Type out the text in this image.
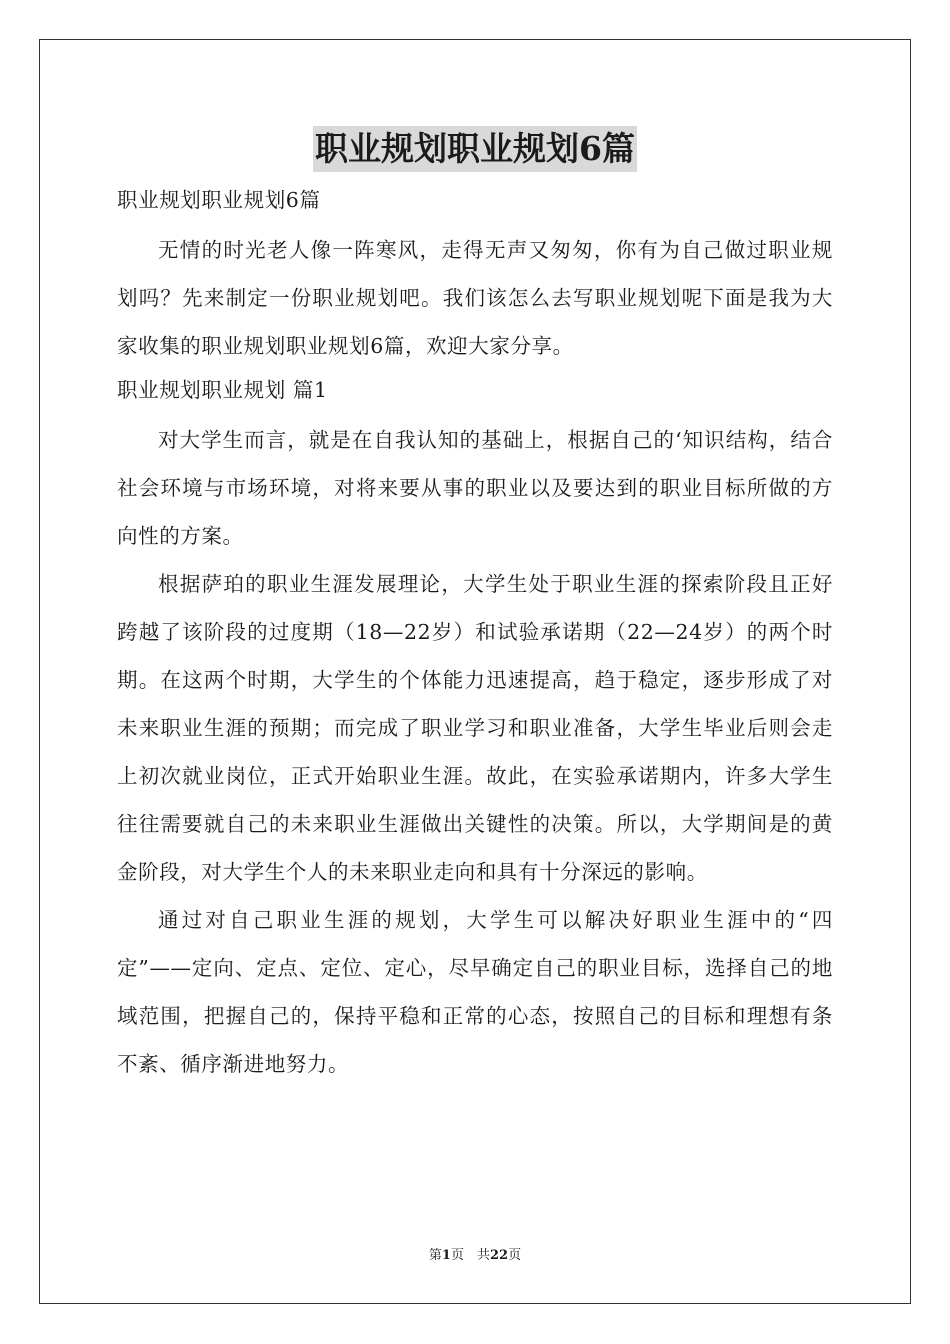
职业规划职业规划6篇

职业规划职业规划6篇

无情的时光老人像一阵寒风，走得无声又匆匆，你有为自己做过职业规划吗？先来制定一份职业规划吧。我们该怎么去写职业规划呢下面是我为大家收集的职业规划职业规划6篇，欢迎大家分享。

职业规划职业规划 篇1

对大学生而言，就是在自我认知的基础上，根据自己的‘知识结构，结合社会环境与市场环境，对将来要从事的职业以及要达到的职业目标所做的方向性的方案。

根据萨珀的职业生涯发展理论，大学生处于职业生涯的探索阶段且正好跨越了该阶段的过度期（18—22岁）和试验承诺期（22—24岁）的两个时期。在这两个时期，大学生的个体能力迅速提高，趋于稳定，逐步形成了对未来职业生涯的预期；而完成了职业学习和职业准备，大学生毕业后则会走上初次就业岗位，正式开始职业生涯。故此，在实验承诺期内，许多大学生往往需要就自己的未来职业生涯做出关键性的决策。所以，大学期间是的黄金阶段，对大学生个人的未来职业走向和具有十分深远的影响。

通过对自己职业生涯的规划，大学生可以解决好职业生涯中的“四定”——定向、定点、定位、定心，尽早确定自己的职业目标，选择自己的地域范围，把握自己的，保持平稳和正常的心态，按照自己的目标和理想有条不紊、循序渐进地努力。

第1页　共22页
